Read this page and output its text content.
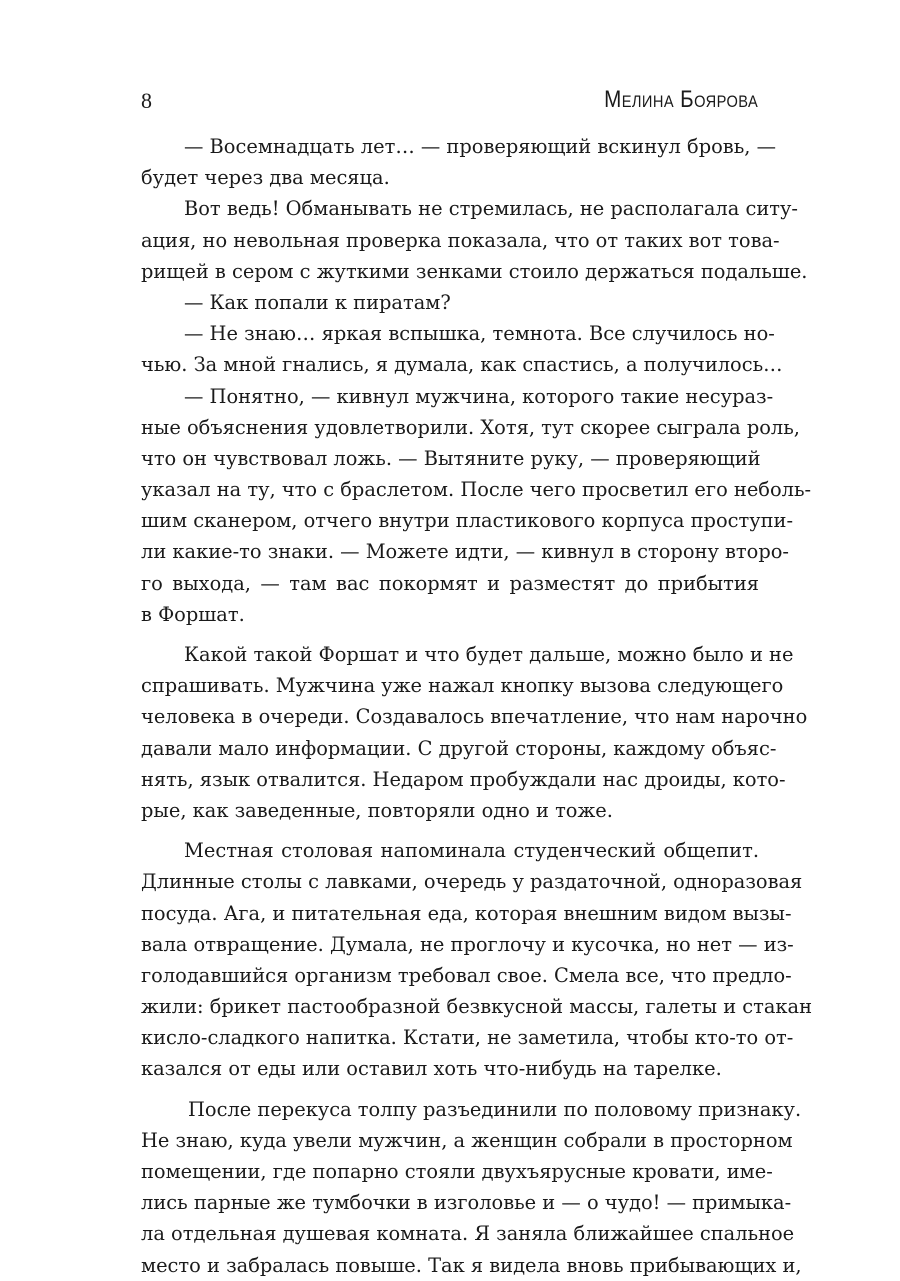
8	Мелина Боярова
— Восемнадцать лет… — проверяющий вскинул бровь, —
будет через два месяца.
Вот ведь! Обманывать не стремилась, не располагала ситу-
ация, но невольная проверка показала, что от таких вот това-
рищей в сером с жуткими зенками стоило держаться подальше.
— Как попали к пиратам?
— Не знаю… яркая вспышка, темнота. Все случилось но-
чью. За мной гнались, я думала, как спастись, а получилось…
— Понятно, — кивнул мужчина, которого такие несураз-
ные объяснения удовлетворили. Хотя, тут скорее сыграла роль,
что он чувствовал ложь. — Вытяните руку, — проверяющий
указал на ту, что с браслетом. После чего просветил его неболь-
шим сканером, отчего внутри пластикового корпуса проступи-
ли какие-то знаки. — Можете идти, — кивнул в сторону второ-
го выхода, — там вас покормят и разместят до прибытия
в Форшат.
Какой такой Форшат и что будет дальше, можно было и не
спрашивать. Мужчина уже нажал кнопку вызова следующего
человека в очереди. Создавалось впечатление, что нам нарочно
давали мало информации. С другой стороны, каждому объяс-
нять, язык отвалится. Недаром пробуждали нас дроиды, кото-
рые, как заведенные, повторяли одно и тоже.
Местная столовая напоминала студенческий общепит.
Длинные столы с лавками, очередь у раздаточной, одноразовая
посуда. Ага, и питательная еда, которая внешним видом вызы-
вала отвращение. Думала, не проглочу и кусочка, но нет — из-
голодавшийся организм требовал свое. Смела все, что предло-
жили: брикет пастообразной безвкусной массы, галеты и стакан
кисло-сладкого напитка. Кстати, не заметила, чтобы кто-то от-
казался от еды или оставил хоть что-нибудь на тарелке.
После перекуса толпу разъединили по половому признаку.
Не знаю, куда увели мужчин, а женщин собрали в просторном
помещении, где попарно стояли двухъярусные кровати, име-
лись парные же тумбочки в изголовье и — о чудо! — примыка-
ла отдельная душевая комната. Я заняла ближайшее спальное
место и забралась повыше. Так я видела вновь прибывающих и,
